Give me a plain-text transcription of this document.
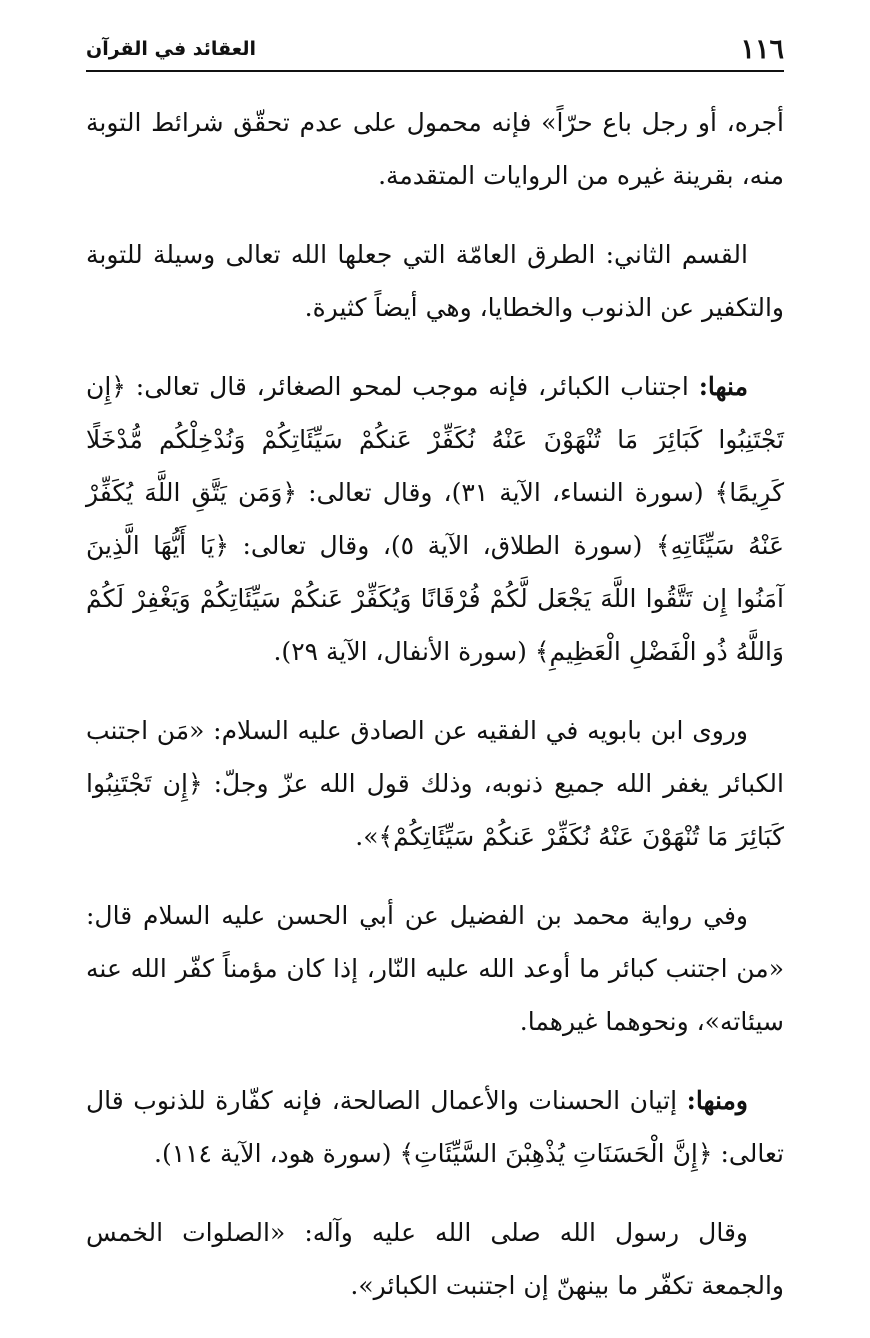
١١٦
العقائد في القرآن

أجره، أو رجل باع حرّاً» فإنه محمول على عدم تحقّق شرائط التوبة منه، بقرينة غيره من الروايات المتقدمة.

القسم الثاني: الطرق العامّة التي جعلها الله تعالى وسيلة للتوبة والتكفير عن الذنوب والخطايا، وهي أيضاً كثيرة.

منها: اجتناب الكبائر، فإنه موجب لمحو الصغائر، قال تعالى: ﴿إِن تَجْتَنِبُوا كَبَائِرَ مَا تُنْهَوْنَ عَنْهُ نُكَفِّرْ عَنكُمْ سَيِّئَاتِكُمْ وَنُدْخِلْكُم مُّدْخَلًا كَرِيمًا﴾ (سورة النساء، الآية ٣١)، وقال تعالى: ﴿وَمَن يَتَّقِ اللَّهَ يُكَفِّرْ عَنْهُ سَيِّئَاتِهِ﴾ (سورة الطلاق، الآية ٥)، وقال تعالى: ﴿يَا أَيُّهَا الَّذِينَ آمَنُوا إِن تَتَّقُوا اللَّهَ يَجْعَل لَّكُمْ فُرْقَانًا وَيُكَفِّرْ عَنكُمْ سَيِّئَاتِكُمْ وَيَغْفِرْ لَكُمْ وَاللَّهُ ذُو الْفَضْلِ الْعَظِيمِ﴾ (سورة الأنفال، الآية ٢٩).

وروى ابن بابويه في الفقيه عن الصادق عليه السلام: «مَن اجتنب الكبائر يغفر الله جميع ذنوبه، وذلك قول الله عزّ وجلّ: ﴿إِن تَجْتَنِبُوا كَبَائِرَ مَا تُنْهَوْنَ عَنْهُ نُكَفِّرْ عَنكُمْ سَيِّئَاتِكُمْ﴾».

وفي رواية محمد بن الفضيل عن أبي الحسن عليه السلام قال: «من اجتنب كبائر ما أوعد الله عليه النّار، إذا كان مؤمناً كفّر الله عنه سيئاته»، ونحوهما غيرهما.

ومنها: إتيان الحسنات والأعمال الصالحة، فإنه كفّارة للذنوب قال تعالى: ﴿إِنَّ الْحَسَنَاتِ يُذْهِبْنَ السَّيِّئَاتِ﴾ (سورة هود، الآية ١١٤).

وقال رسول الله صلى الله عليه وآله: «الصلوات الخمس والجمعة تكفّر ما بينهنّ إن اجتنبت الكبائر».
